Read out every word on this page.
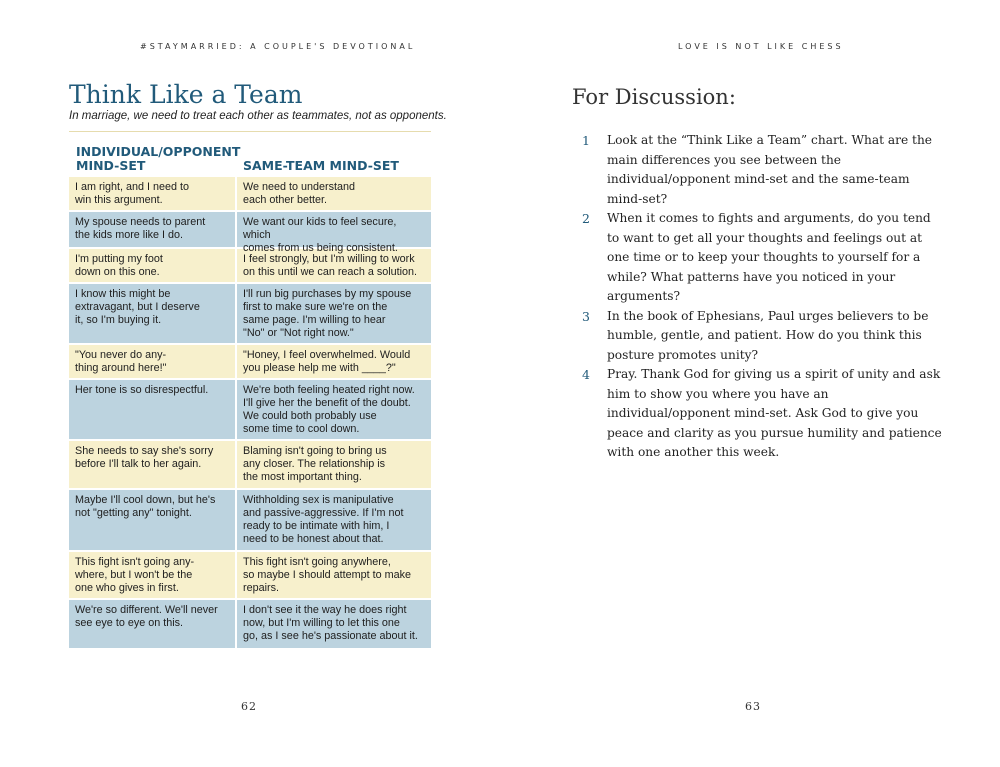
#STAYMARRIED: A COUPLE'S DEVOTIONAL
Think Like a Team
In marriage, we need to treat each other as teammates, not as opponents.
INDIVIDUAL/OPPONENT
MIND-SET	SAME-TEAM MIND-SET
I am right, and I need to
win this argument.
We need to understand
each other better.
My spouse needs to parent
the kids more like I do.
We want our kids to feel secure, which
comes from us being consistent.
I'm putting my foot
down on this one.
I feel strongly, but I'm willing to work
on this until we can reach a solution.
I know this might be
extravagant, but I deserve
it, so I'm buying it.
I'll run big purchases by my spouse
first to make sure we're on the
same page. I'm willing to hear
"No" or "Not right now."
"You never do any-
thing around here!"
"Honey, I feel overwhelmed. Would
you please help me with ____?"
Her tone is so disrespectful.	We're both feeling heated right now.
I'll give her the benefit of the doubt.
We could both probably use
some time to cool down.
She needs to say she's sorry
before I'll talk to her again.
Blaming isn't going to bring us
any closer. The relationship is
the most important thing.
Maybe I'll cool down, but he's
not "getting any" tonight.
Withholding sex is manipulative
and passive-aggressive. If I'm not
ready to be intimate with him, I
need to be honest about that.
This fight isn't going any-
where, but I won't be the
one who gives in first.
This fight isn't going anywhere,
so maybe I should attempt to make
repairs.
We're so different. We'll never
see eye to eye on this.
I don't see it the way he does right
now, but I'm willing to let this one
go, as I see he's passionate about it.
62
LOVE IS NOT LIKE CHESS
For Discussion:
1 Look at the “Think Like a Team” chart. What are the main differences you see between the individual/opponent mind-set and the same-team mind-set?
2 When it comes to fights and arguments, do you tend to want to get all your thoughts and feelings out at one time or to keep your thoughts to yourself for a while? What patterns have you noticed in your arguments?
3 In the book of Ephesians, Paul urges believers to be humble, gentle, and patient. How do you think this posture promotes unity?
4 Pray. Thank God for giving us a spirit of unity and ask him to show you where you have an individual/opponent mind-set. Ask God to give you peace and clarity as you pursue humility and patience with one another this week.
63
